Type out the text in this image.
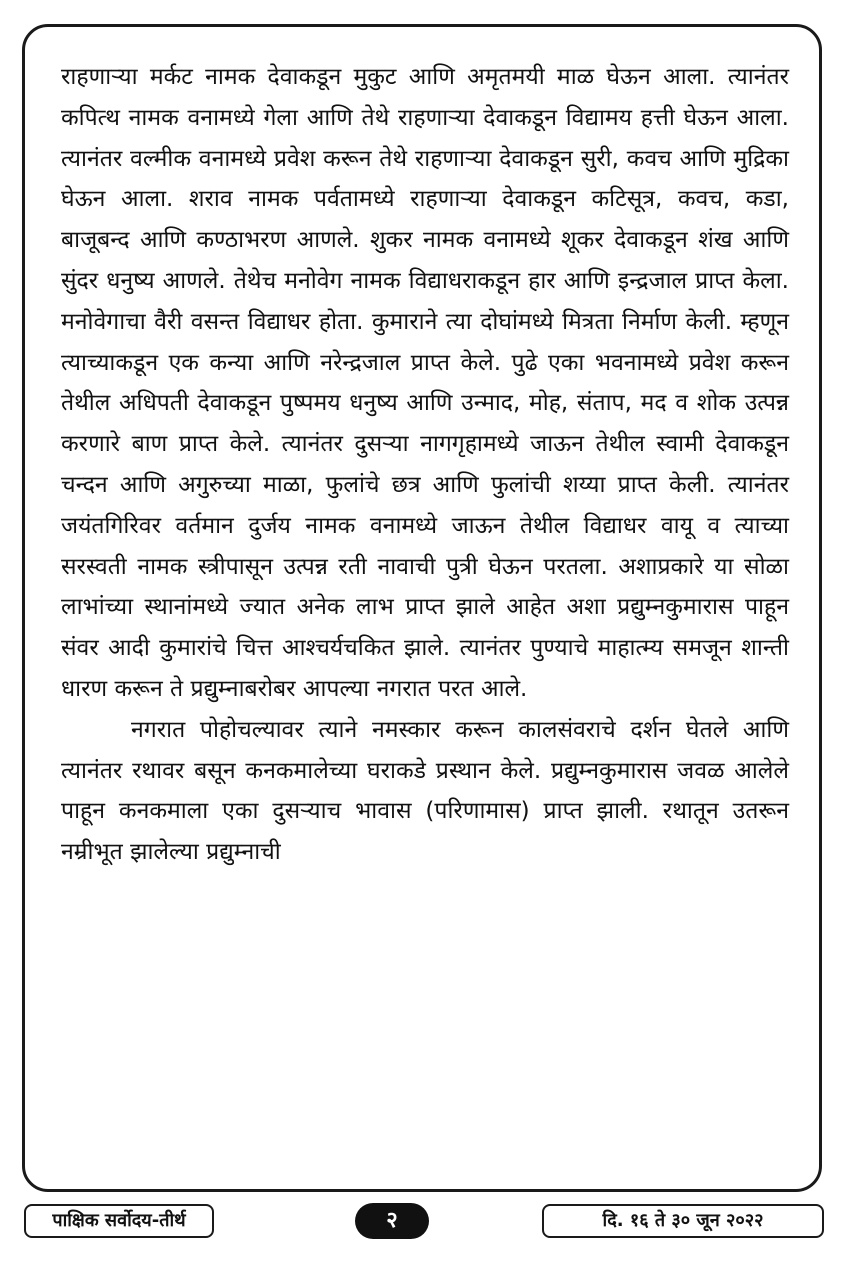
राहणाऱ्या मर्कट नामक देवाकडून मुकुट आणि अमृतमयी माळ घेऊन आला. त्यानंतर कपित्थ नामक वनामध्ये गेला आणि तेथे राहणाऱ्या देवाकडून विद्यामय हत्ती घेऊन आला. त्यानंतर वल्मीक वनामध्ये प्रवेश करून तेथे राहणाऱ्या देवाकडून सुरी, कवच आणि मुद्रिका घेऊन आला. शराव नामक पर्वतामध्ये राहणाऱ्या देवाकडून कटिसूत्र, कवच, कडा, बाजूबन्द आणि कण्ठाभरण आणले. शुकर नामक वनामध्ये शूकर देवाकडून शंख आणि सुंदर धनुष्य आणले. तेथेच मनोवेग नामक विद्याधराकडून हार आणि इन्द्रजाल प्राप्त केला. मनोवेगाचा वैरी वसन्त विद्याधर होता. कुमाराने त्या दोघांमध्ये मित्रता निर्माण केली. म्हणून त्याच्याकडून एक कन्या आणि नरेन्द्रजाल प्राप्त केले. पुढे एका भवनामध्ये प्रवेश करून तेथील अधिपती देवाकडून पुष्पमय धनुष्य आणि उन्माद, मोह, संताप, मद व शोक उत्पन्न करणारे बाण प्राप्त केले. त्यानंतर दुसऱ्या नागगृहामध्ये जाऊन तेथील स्वामी देवाकडून चन्दन आणि अगुरुच्या माळा, फुलांचे छत्र आणि फुलांची शय्या प्राप्त केली. त्यानंतर जयंतगिरिवर वर्तमान दुर्जय नामक वनामध्ये जाऊन तेथील विद्याधर वायू व त्याच्या सरस्वती नामक स्त्रीपासून उत्पन्न रती नावाची पुत्री घेऊन परतला. अशाप्रकारे या सोळा लाभांच्या स्थानांमध्ये ज्यात अनेक लाभ प्राप्त झाले आहेत अशा प्रद्युम्नकुमारास पाहून संवर आदी कुमारांचे चित्त आश्चर्यचकित झाले. त्यानंतर पुण्याचे माहात्म्य समजून शान्ती धारण करून ते प्रद्युम्नाबरोबर आपल्या नगरात परत आले.

नगरात पोहोचल्यावर त्याने नमस्कार करून कालसंवराचे दर्शन घेतले आणि त्यानंतर रथावर बसून कनकमालेच्या घराकडे प्रस्थान केले. प्रद्युम्नकुमारास जवळ आलेले पाहून कनकमाला एका दुसऱ्याच भावास (परिणामास) प्राप्त झाली. रथातून उतरून नम्रीभूत झालेल्या प्रद्युम्नाची

पाक्षिक सर्वोदय-तीर्थ	२	दि. १६ ते ३० जून २०२२
